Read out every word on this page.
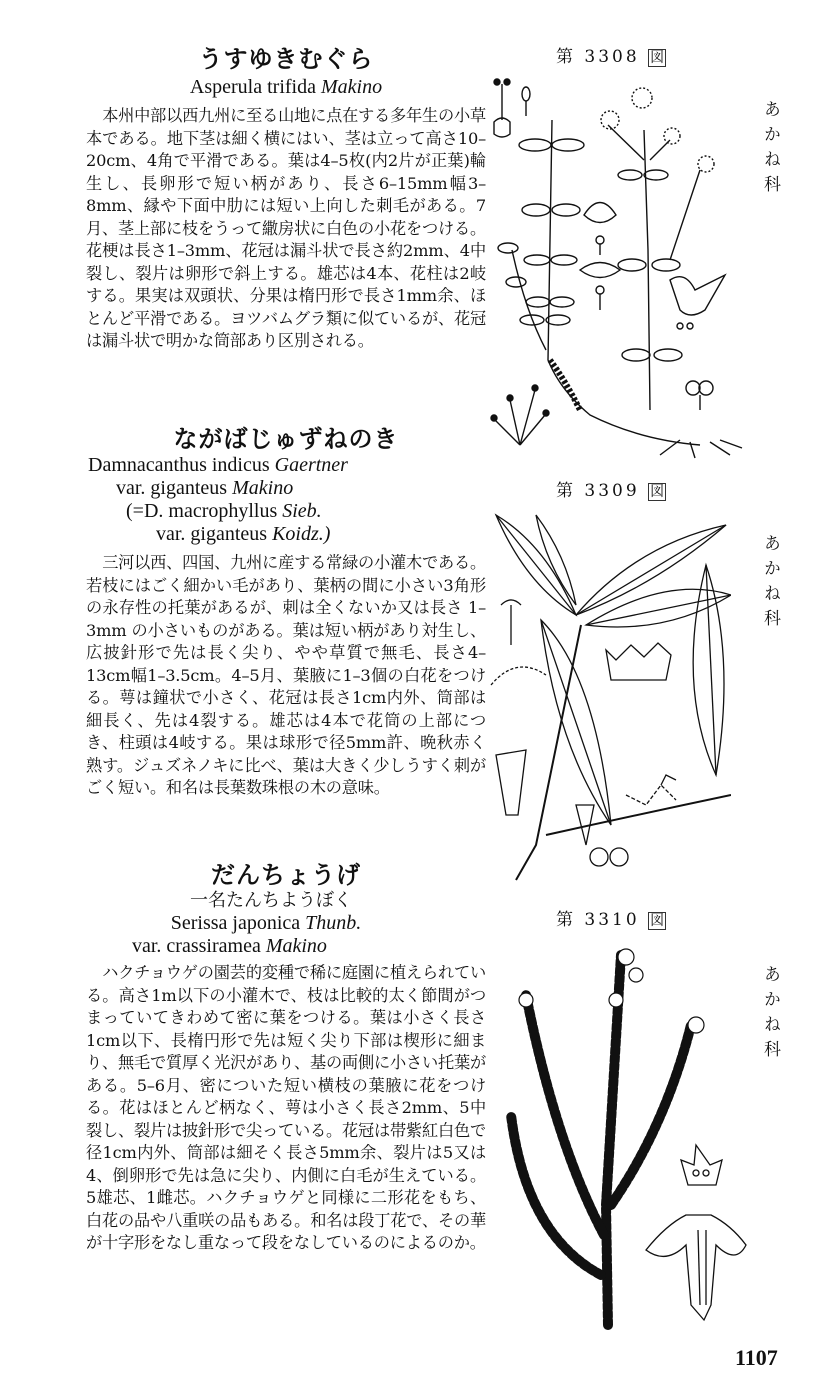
うすゆきむぐら
Asperula trifida Makino

本州中部以西九州に至る山地に点在する多年生の小草本である。地下茎は細く横にはい、茎は立って高さ10–20cm、4角で平滑である。葉は4–5枚(内2片が正葉)輪生し、長卵形で短い柄があり、長さ6–15mm幅3–8mm、縁や下面中肋には短い上向した刺毛がある。7月、茎上部に枝をうって繖房状に白色の小花をつける。花梗は長さ1–3mm、花冠は漏斗状で長さ約2mm、4中裂し、裂片は卵形で斜上する。雄芯は4本、花柱は2岐する。果実は双頭状、分果は楕円形で長さ1mm余、ほとんど平滑である。ヨツバムグラ類に似ているが、花冠は漏斗状で明かな筒部あり区別される。

ながばじゅずねのき
Damnacanthus indicus Gaertner
var. giganteus Makino
(=D. macrophyllus Sieb.
var. giganteus Koidz.)

三河以西、四国、九州に産する常緑の小灌木である。若枝にはごく細かい毛があり、葉柄の間に小さい3角形の永存性の托葉があるが、刺は全くないか又は長さ 1–3mm の小さいものがある。葉は短い柄があり対生し、広披針形で先は長く尖り、やや草質で無毛、長さ4–13cm幅1–3.5cm。4–5月、葉腋に1–3個の白花をつける。萼は鐘状で小さく、花冠は長さ1cm内外、筒部は細長く、先は4裂する。雄芯は4本で花筒の上部につき、柱頭は4岐する。果は球形で径5mm許、晩秋赤く熟す。ジュズネノキに比べ、葉は大きく少しうすく刺がごく短い。和名は長葉数珠根の木の意味。

だんちょうげ
一名たんちようぼく
Serissa japonica Thunb.
var. crassiramea Makino

ハクチョウゲの園芸的変種で稀に庭園に植えられている。高さ1m以下の小灌木で、枝は比較的太く節間がつまっていてきわめて密に葉をつける。葉は小さく長さ1cm以下、長楕円形で先は短く尖り下部は楔形に細まり、無毛で質厚く光沢があり、基の両側に小さい托葉がある。5–6月、密についた短い横枝の葉腋に花をつける。花はほとんど柄なく、萼は小さく長さ2mm、5中裂し、裂片は披針形で尖っている。花冠は帯紫紅白色で径1cm内外、筒部は細そく長さ5mm余、裂片は5又は4、倒卵形で先は急に尖り、内側に白毛が生えている。5雄芯、1雌芯。ハクチョウゲと同様に二形花をもち、白花の品や八重咲の品もある。和名は段丁花で、その華が十字形をなし重なって段をなしているのによるのか。

第 3308 図
第 3309 図
第 3310 図
あかね科
あかね科
あかね科
1107
